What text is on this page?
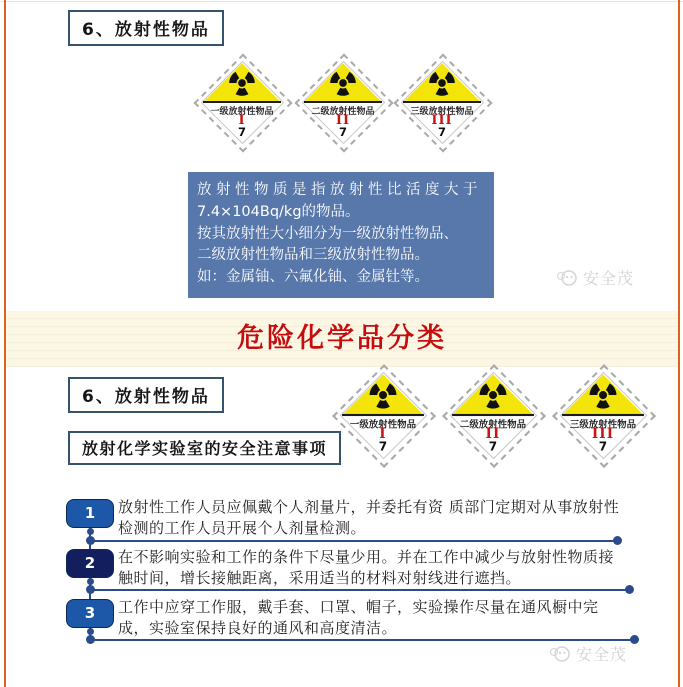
6、放射性物品
一级放射性物品
I
7
二级放射性物品
II
7
三级放射性物品
III
7
放射性物质是指放射性比活度大于
7.4×104Bq/kg的物品。
按其放射性大小细分为一级放射性物品、
二级放射性物品和三级放射性物品。
如：金属铀、六氟化铀、金属钍等。	安全茂
危险化学品分类
6、放射性物品
一级放射性物品
I
7
二级放射性物品
II
7
三级放射性物品
III
7
放射化学实验室的安全注意事项
1	放射性工作人员应佩戴个人剂量片，并委托有资 质部门定期对从事放射性检测的工作人员开展个人剂量检测。
2	在不影响实验和工作的条件下尽量少用。并在工作中减少与放射性物质接触时间，增长接触距离，采用适当的材料对射线进行遮挡。
3	工作中应穿工作服，戴手套、口罩、帽子，实验操作尽量在通风橱中完成，实验室保持良好的通风和高度清洁。
安全茂
